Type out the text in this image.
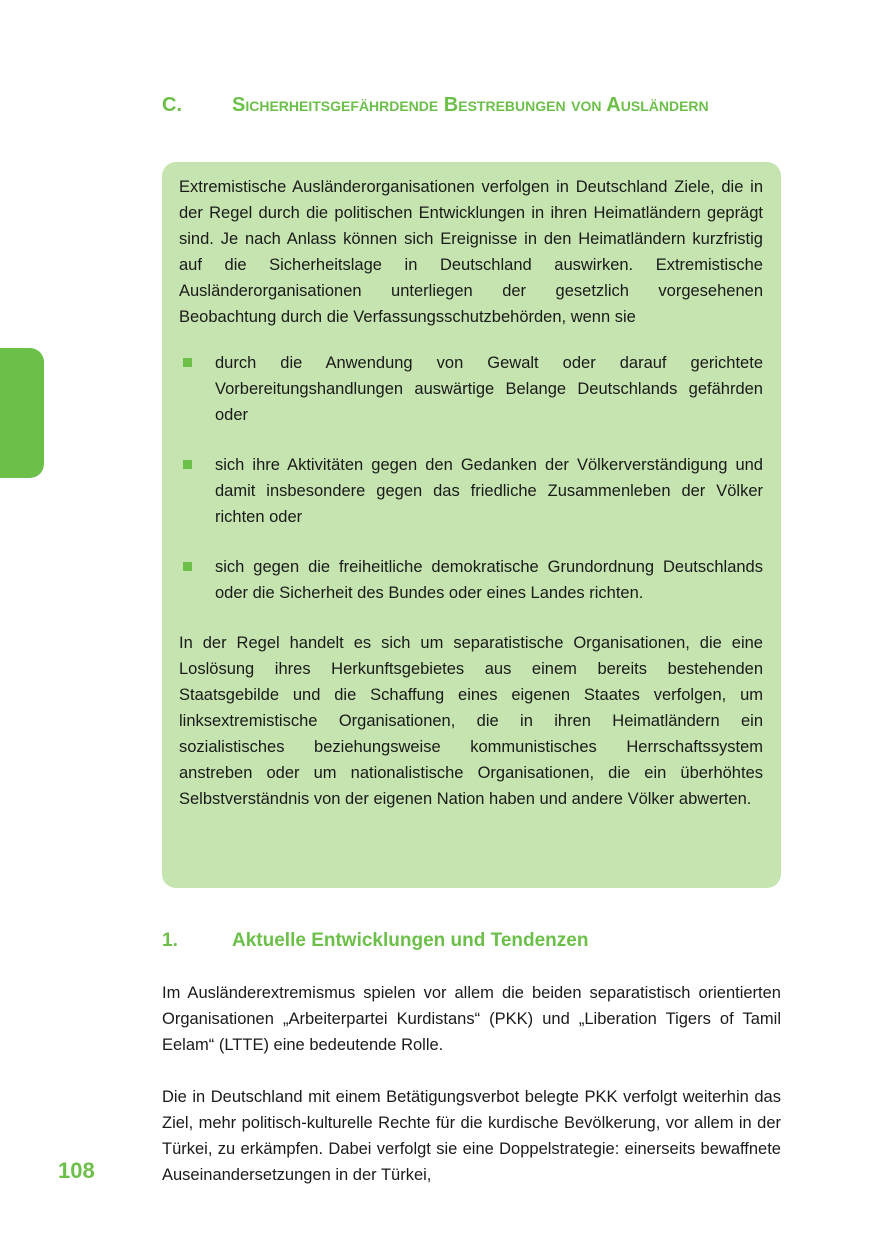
C.	Sicherheitsgefährdende Bestrebungen von Ausländern

Extremistische Ausländerorganisationen verfolgen in Deutschland Ziele, die in der Regel durch die politischen Entwicklungen in ihren Heimatländern geprägt sind. Je nach Anlass können sich Ereignisse in den Heimatländern kurzfristig auf die Sicherheitslage in Deutschland auswirken. Extremistische Ausländerorganisationen unterliegen der gesetzlich vorgesehenen Beobachtung durch die Verfassungsschutzbehörden, wenn sie

durch die Anwendung von Gewalt oder darauf gerichtete Vorbereitungshandlungen auswärtige Belange Deutschlands gefährden oder
sich ihre Aktivitäten gegen den Gedanken der Völkerverständigung und damit insbesondere gegen das friedliche Zusammenleben der Völker richten oder
sich gegen die freiheitliche demokratische Grundordnung Deutschlands oder die Sicherheit des Bundes oder eines Landes richten.

In der Regel handelt es sich um separatistische Organisationen, die eine Loslösung ihres Herkunftsgebietes aus einem bereits bestehenden Staatsgebilde und die Schaffung eines eigenen Staates verfolgen, um linksextremistische Organisationen, die in ihren Heimatländern ein sozialistisches beziehungsweise kommunistisches Herrschaftssystem anstreben oder um nationalistische Organisationen, die ein überhöhtes Selbstverständnis von der eigenen Nation haben und andere Völker abwerten.

1.	Aktuelle Entwicklungen und Tendenzen

Im Ausländerextremismus spielen vor allem die beiden separatistisch orientierten Organisationen „Arbeiterpartei Kurdistans“ (PKK) und „Liberation Tigers of Tamil Eelam“ (LTTE) eine bedeutende Rolle.

Die in Deutschland mit einem Betätigungsverbot belegte PKK verfolgt weiterhin das Ziel, mehr politisch-kulturelle Rechte für die kurdische Bevölkerung, vor allem in der Türkei, zu erkämpfen. Dabei verfolgt sie eine Doppelstrategie: einerseits bewaffnete Auseinandersetzungen in der Türkei,

108
